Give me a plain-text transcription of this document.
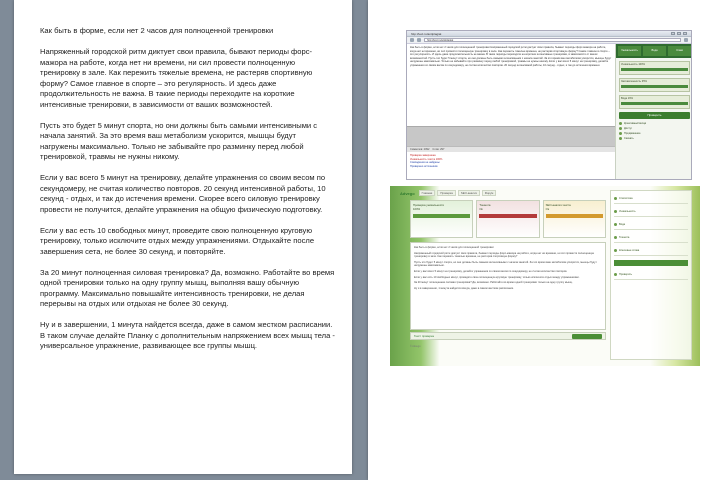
Как быть в форме, если нет 2 часов для полноценной тренировки

Напряженный городской ритм диктует свои правила, бывают периоды форс-мажора на работе, когда нет ни времени, ни сил провести полноценную тренировку в зале. Как пережить тяжелые времена, не растеряв спортивную форму? Самое главное в спорте – это регулярность. И здесь даже продолжительность не важна. В такие периоды переходите на короткие интенсивные тренировки, в зависимости от ваших возможностей.

Пусть это будет 5 минут спорта, но они должны быть самыми интенсивными с начала занятий. За это время ваш метаболизм ускорится, мышцы будут нагружены максимально. Только не забывайте про разминку перед любой тренировкой, травмы не нужны никому.

Если у вас всего 5 минут на тренировку, делайте упражнения со своим весом по секундомеру, не считая количество повторов. 20 секунд интенсивной работы, 10 секунд - отдых, и так до истечения времени. Скорее всего силовую тренировку провести не получится, делайте упражнения на общую физическую подготовку.

Если у вас есть 10 свободных минут, проведите свою полноценную круговую тренировку, только исключите отдых между упражнениями. Отдыхайте после завершения сета, не более 30 секунд, и повторяйте.

За 20 минут полноценная силовая тренировка? Да, возможно. Работайте во время одной тренировки только на одну группу мышц, выполняя вашу обычную программу. Максимально повышайте интенсивность тренировки, не делая перерывы на отдых или отдыхая не более 30 секунд.

Ну и в завершении, 1 минута найдется всегда, даже в самом жестком расписании. В таком случае делайте Планку с дополнительным напряжением всех мышц тела - универсальное упражнение, развивающее все группы мышц.

http://text.ru/antiplagiat
http://text.ru/antiplagiat
Как быть в форме, если нет 2 часов для полноценной тренировки Напряженный городской ритм диктует свои правила, бывают периоды форс-мажора на работе, когда нет ни времени, ни сил провести полноценную тренировку в зале. Как пережить тяжелые времена, не растеряв спортивную форму? Самое главное в спорте – это регулярность. И здесь даже продолжительность не важна. В такие периоды переходите на короткие интенсивные тренировки, в зависимости от ваших возможностей. Пусть это будет 5 минут спорта, но они должны быть самыми интенсивными с начала занятий. За это время ваш метаболизм ускорится, мышцы будут нагружены максимально. Только не забывайте про разминку перед любой тренировкой, травмы не нужны никому. Если у вас всего 5 минут на тренировку, делайте упражнения со своим весом по секундомеру, не считая количество повторов. 20 секунд интенсивной работы, 10 секунд - отдых, и так до истечения времени.
Символов: 2092 Слов: 297
Проверка завершена
Уникальность текста 100%
Совпадения не найдены
Проверено источников
Уникальность	Вода	Спам
Уникальность 100%
Заспамленность 35%
Вода 16%
Проверить
Креативный вклад
Доступ
Продвижение
Скачать
Advego	Главная	Проверка	SEO-анализ	Форум
Проверка уникальности
100%
Тошнота
Ок
SEO-анализ текста
Ок
Как быть в форме, если нет 2 часов для полноценной тренировки
Напряженный городской ритм диктует свои правила, бывают периоды форс-мажора на работе, когда нет ни времени, ни сил провести полноценную тренировку в зале. Как пережить тяжелые времена, не растеряв спортивную форму?
Пусть это будет 5 минут спорта, но они должны быть самыми интенсивными с начала занятий. За это время ваш метаболизм ускорится, мышцы будут нагружены максимально.
Если у вас всего 5 минут на тренировку, делайте упражнения со своим весом по секундомеру, не считая количество повторов.
Если у вас есть 10 свободных минут, проведите свою полноценную круговую тренировку, только исключите отдых между упражнениями.
За 20 минут полноценная силовая тренировка? Да, возможно. Работайте во время одной тренировки только на одну группу мышц.
Ну и в завершении, 1 минута найдется всегда, даже в самом жестком расписании.
Текст проверен
© Advego
Статистика
Уникальность
Вода
Тошнота
Ключевые слова
Проверить
